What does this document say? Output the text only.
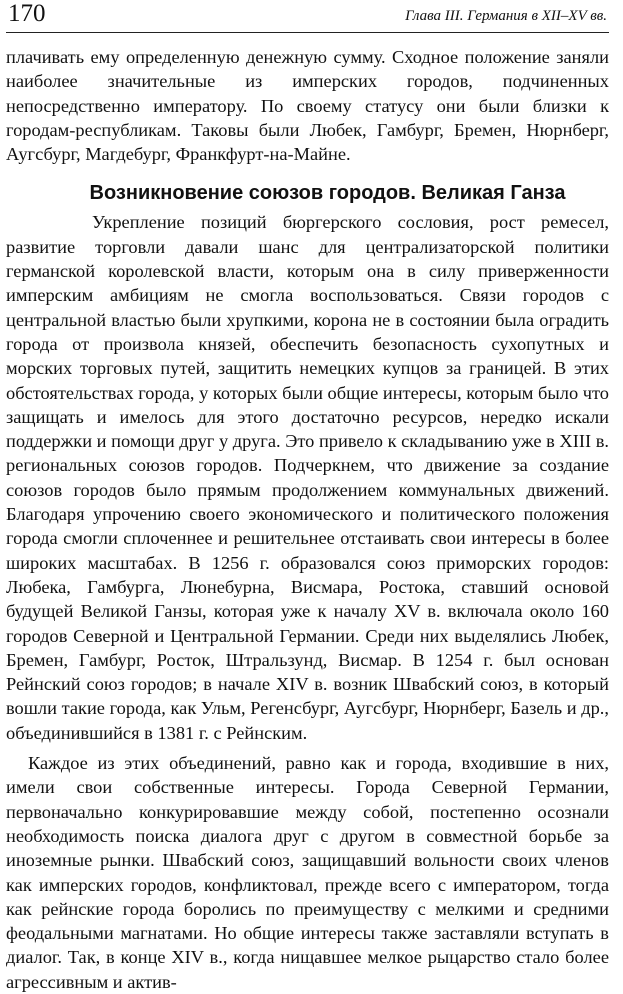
170	Глава III. Германия в XII–XV вв.

плачивать ему определенную денежную сумму. Сходное положение заняли наиболее значительные из имперских городов, подчиненных непосредственно императору. По своему статусу они были близки к городам-республикам. Таковы были Любек, Гамбург, Бремен, Нюрнберг, Аугсбург, Магдебург, Франкфурт-на-Майне.

Возникновение союзов городов. Великая Ганза

Укрепление позиций бюргерского сословия, рост ремесел, развитие торговли давали шанс для централизаторской политики германской королевской власти, которым она в силу приверженности имперским амбициям не смогла воспользоваться. Связи городов с центральной властью были хрупкими, корона не в состоянии была оградить города от произвола князей, обеспечить безопасность сухопутных и морских торговых путей, защитить немецких купцов за границей. В этих обстоятельствах города, у которых были общие интересы, которым было что защищать и имелось для этого достаточно ресурсов, нередко искали поддержки и помощи друг у друга. Это привело к складыванию уже в XIII в. региональных союзов городов. Подчеркнем, что движение за создание союзов городов было прямым продолжением коммунальных движений. Благодаря упрочению своего экономического и политического положения города смогли сплоченнее и решительнее отстаивать свои интересы в более широких масштабах. В 1256 г. образовался союз приморских городов: Любека, Гамбурга, Люнебурна, Висмара, Ростока, ставший основой будущей Великой Ганзы, которая уже к началу XV в. включала около 160 городов Северной и Центральной Германии. Среди них выделялись Любек, Бремен, Гамбург, Росток, Штральзунд, Висмар. В 1254 г. был основан Рейнский союз городов; в начале XIV в. возник Швабский союз, в который вошли такие города, как Ульм, Регенсбург, Аугсбург, Нюрнберг, Базель и др., объединившийся в 1381 г. с Рейнским.

Каждое из этих объединений, равно как и города, входившие в них, имели свои собственные интересы. Города Северной Германии, первоначально конкурировавшие между собой, постепенно осознали необходимость поиска диалога друг с другом в совместной борьбе за иноземные рынки. Швабский союз, защищавший вольности своих членов как имперских городов, конфликтовал, прежде всего с императором, тогда как рейнские города боролись по преимуществу с мелкими и средними феодальными магнатами. Но общие интересы также заставляли вступать в диалог. Так, в конце XIV в., когда нищавшее мелкое рыцарство стало более агрессивным и актив-
